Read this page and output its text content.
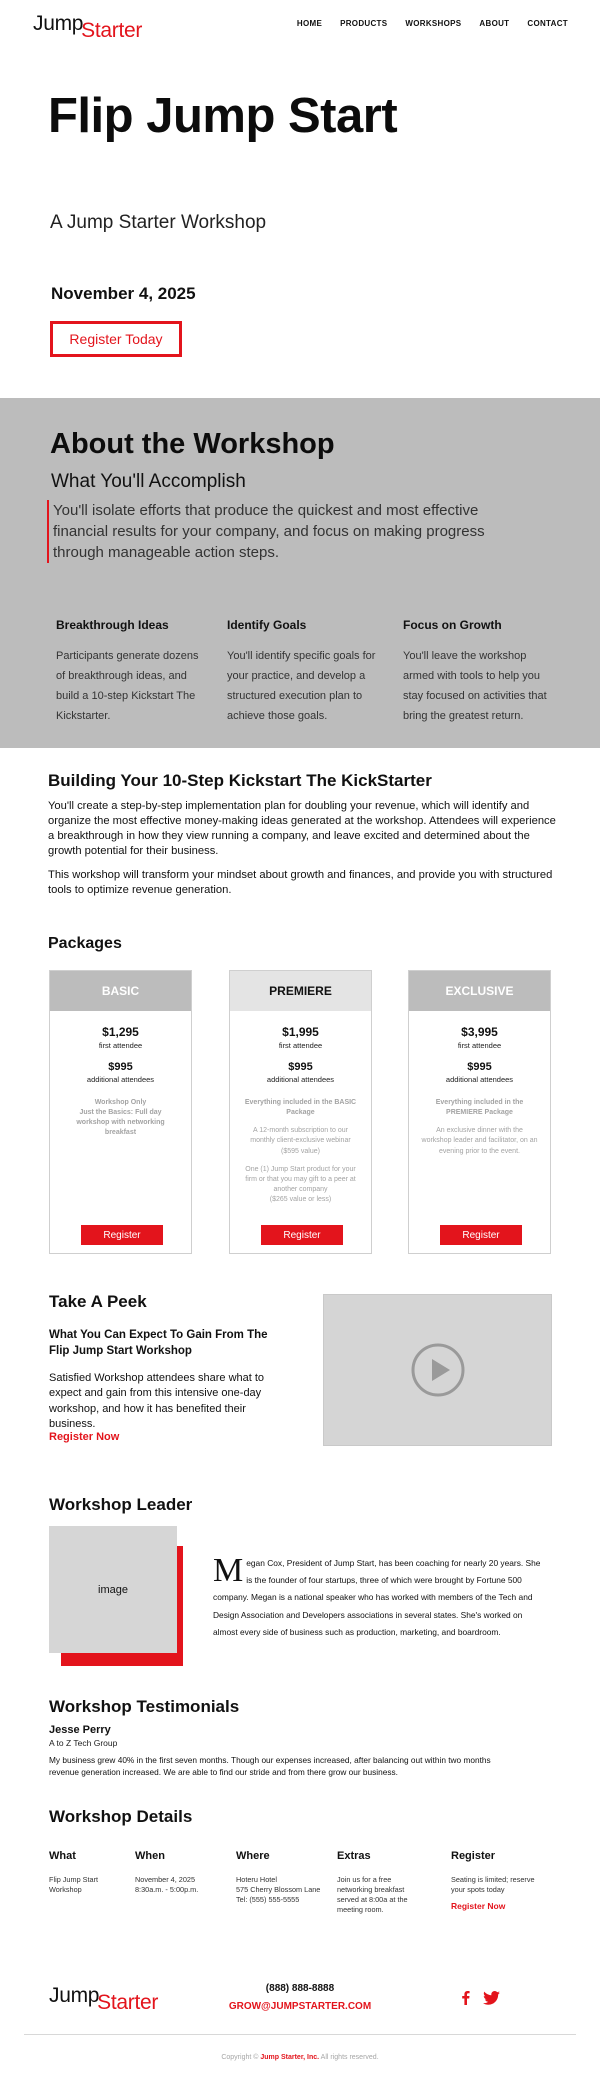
JumpStarter	HOME PRODUCTS WORKSHOPS ABOUT CONTACT
Flip Jump Start
A Jump Starter Workshop
November 4, 2025
Register Today
About the Workshop
What You'll Accomplish
You'll isolate efforts that produce the quickest and most effective financial results for your company, and focus on making progress through manageable action steps.
Breakthrough Ideas
Participants generate dozens of breakthrough ideas, and build a 10-step Kickstart The Kickstarter.
Identify Goals
You'll identify specific goals for your practice, and develop a structured execution plan to achieve those goals.
Focus on Growth
You'll leave the workshop armed with tools to help you stay focused on activities that bring the greatest return.
Building Your 10-Step Kickstart The KickStarter
You'll create a step-by-step implementation plan for doubling your revenue, which will identify and organize the most effective money-making ideas generated at the workshop. Attendees will experience a breakthrough in how they view running a company, and leave excited and determined about the growth potential for their business.
This workshop will transform your mindset about growth and finances, and provide you with structured tools to optimize revenue generation.
Packages
BASIC
$1,295
first attendee
$995
additional attendees
Workshop Only
Just the Basics: Full day workshop with networking breakfast
Register
PREMIERE
$1,995
first attendee
$995
additional attendees
Everything included in the BASIC Package
A 12-month subscription to our monthly client-exclusive webinar ($595 value)
One (1) Jump Start product for your firm or that you may gift to a peer at another company
($265 value or less)
Register
EXCLUSIVE
$3,995
first attendee
$995
additional attendees
Everything included in the PREMIERE Package
An exclusive dinner with the workshop leader and facilitator, on an evening prior to the event.
Register
Take A Peek
What You Can Expect To Gain From The Flip Jump Start Workshop
Satisfied Workshop attendees share what to expect and gain from this intensive one-day workshop, and how it has benefited their business.
Register Now
Workshop Leader
image
Megan Cox, President of Jump Start, has been coaching for nearly 20 years. She is the founder of four startups, three of which were brought by Fortune 500 company. Megan is a national speaker who has worked with members of the Tech and Design Association and Developers associations in several states. She's worked on almost every side of business such as production, marketing, and boardroom.
Workshop Testimonials
Jesse Perry
A to Z Tech Group
My business grew 40% in the first seven months. Though our expenses increased, after balancing out within two months revenue generation increased. We are able to find our stride and from there grow our business.
Workshop Details
What
Flip Jump Start Workshop
When
November 4, 2025
8:30a.m. - 5:00p.m.
Where
Hoteru Hotel
575 Cherry Blossom Lane
Tel: (555) 555-5555
Extras
Join us for a free networking breakfast served at 8:00a at the meeting room.
Register
Seating is limited; reserve your spots today
Register Now
JumpStarter
(888) 888-8888
GROW@JUMPSTARTER.COM
Copyright © Jump Starter, Inc. All rights reserved.
